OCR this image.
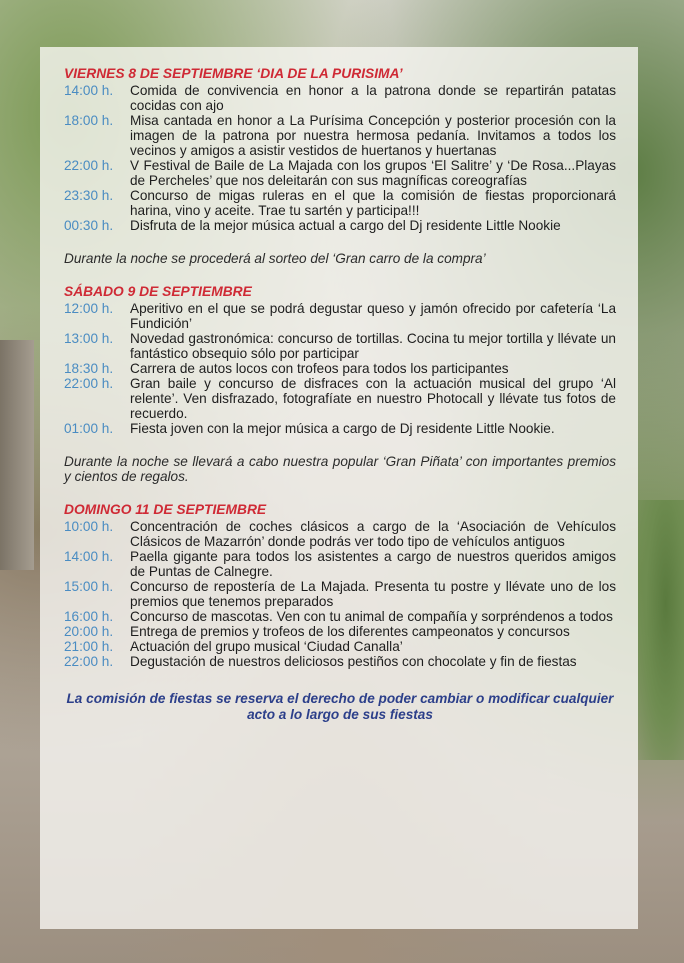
VIERNES 8 DE SEPTIEMBRE ‘DIA DE LA PURISIMA’
14:00 h.	Comida de convivencia en honor a la patrona donde se repartirán patatas cocidas con ajo
18:00 h.	Misa cantada en honor a La Purísima Concepción y posterior procesión con la imagen de la patrona por nuestra hermosa pedanía. Invitamos a todos los vecinos y amigos a asistir vestidos de huertanos y huertanas
22:00 h.	V Festival de Baile de La Majada con los grupos ‘El Salitre’ y ‘De Rosa...Playas de Percheles’ que nos deleitarán con sus magníficas coreografías
23:30 h.	Concurso de migas ruleras en el que la comisión de fiestas proporcionará harina, vino y aceite. Trae tu sartén y participa!!!
00:30 h.	Disfruta de la mejor música actual a cargo del Dj residente Little Nookie
Durante la noche se procederá al sorteo del ‘Gran carro de la compra’
SÁBADO 9 DE SEPTIEMBRE
12:00 h.	Aperitivo en el que se podrá degustar queso y jamón ofrecido por cafetería ‘La Fundición’
13:00 h.	Novedad gastronómica: concurso de tortillas. Cocina tu mejor tortilla y llévate un fantástico obsequio sólo por participar
18:30 h.	Carrera de autos locos con trofeos para todos los participantes
22:00 h.	Gran baile y concurso de disfraces con la actuación musical del grupo ‘Al relente’. Ven disfrazado, fotografíate en nuestro Photocall y llévate tus fotos de recuerdo.
01:00 h.	Fiesta joven con la mejor música a cargo de Dj residente Little Nookie.
Durante la noche se llevará a cabo nuestra popular ‘Gran Piñata’ con importantes premios y cientos de regalos.
DOMINGO 11 DE SEPTIEMBRE
10:00 h.	Concentración de coches clásicos a cargo de la ‘Asociación de Vehículos Clásicos de Mazarrón’ donde podrás ver todo tipo de vehículos antiguos
14:00 h.	Paella gigante para todos los asistentes a cargo de nuestros queridos amigos de Puntas de Calnegre.
15:00 h.	Concurso de repostería de La Majada. Presenta tu postre y llévate uno de los premios que tenemos preparados
16:00 h.	Concurso de mascotas. Ven con tu animal de compañía y sorpréndenos a todos
20:00 h.	Entrega de premios y trofeos de los diferentes campeonatos y concursos
21:00 h.	Actuación del grupo musical ‘Ciudad Canalla’
22:00 h.	Degustación de nuestros deliciosos pestiños con chocolate y fin de fiestas
La comisión de fiestas se reserva el derecho de poder cambiar o modificar cualquier acto a lo largo de sus fiestas
